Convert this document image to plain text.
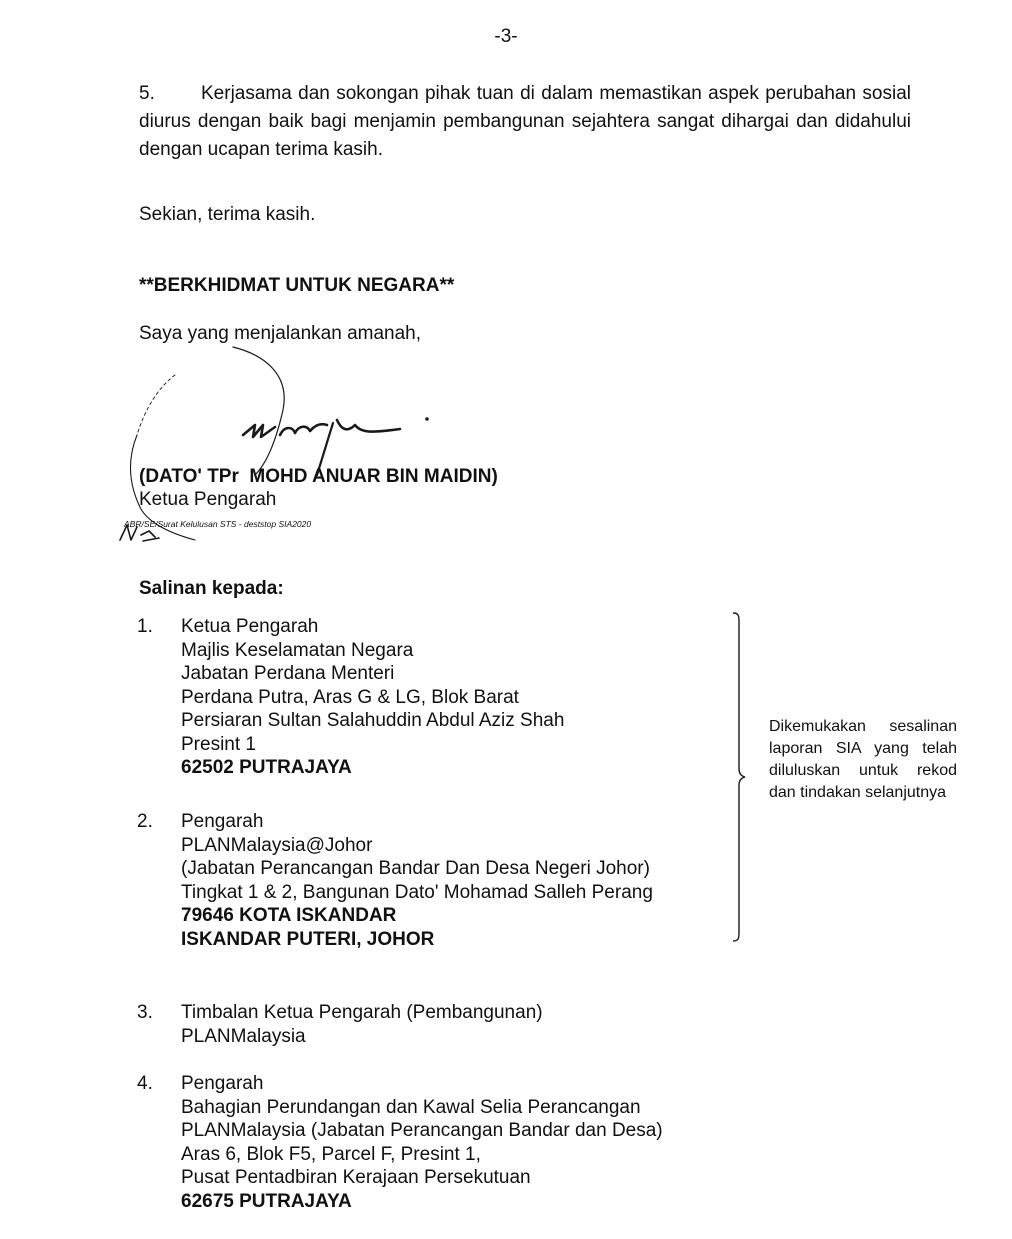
-3-
5. Kerjasama dan sokongan pihak tuan di dalam memastikan aspek perubahan sosial diurus dengan baik bagi menjamin pembangunan sejahtera sangat dihargai dan didahului dengan ucapan terima kasih.
Sekian, terima kasih.
**BERKHIDMAT UNTUK NEGARA**
Saya yang menjalankan amanah,
(DATO' TPr  MOHD ANUAR BIN MAIDIN)
Ketua Pengarah
ABR/SE/Surat Kelulusan STS - deststop SIA2020
Salinan kepada:
1. Ketua Pengarah
Majlis Keselamatan Negara
Jabatan Perdana Menteri
Perdana Putra, Aras G & LG, Blok Barat
Persiaran Sultan Salahuddin Abdul Aziz Shah
Presint 1
62502 PUTRAJAYA
2. Pengarah
PLANMalaysia@Johor
(Jabatan Perancangan Bandar Dan Desa Negeri Johor)
Tingkat 1 & 2, Bangunan Dato' Mohamad Salleh Perang
79646 KOTA ISKANDAR
ISKANDAR PUTERI, JOHOR
Dikemukakan sesalinan laporan SIA yang telah diluluskan untuk rekod dan tindakan selanjutnya
3. Timbalan Ketua Pengarah (Pembangunan)
PLANMalaysia
4. Pengarah
Bahagian Perundangan dan Kawal Selia Perancangan
PLANMalaysia (Jabatan Perancangan Bandar dan Desa)
Aras 6, Blok F5, Parcel F, Presint 1,
Pusat Pentadbiran Kerajaan Persekutuan
62675 PUTRAJAYA
